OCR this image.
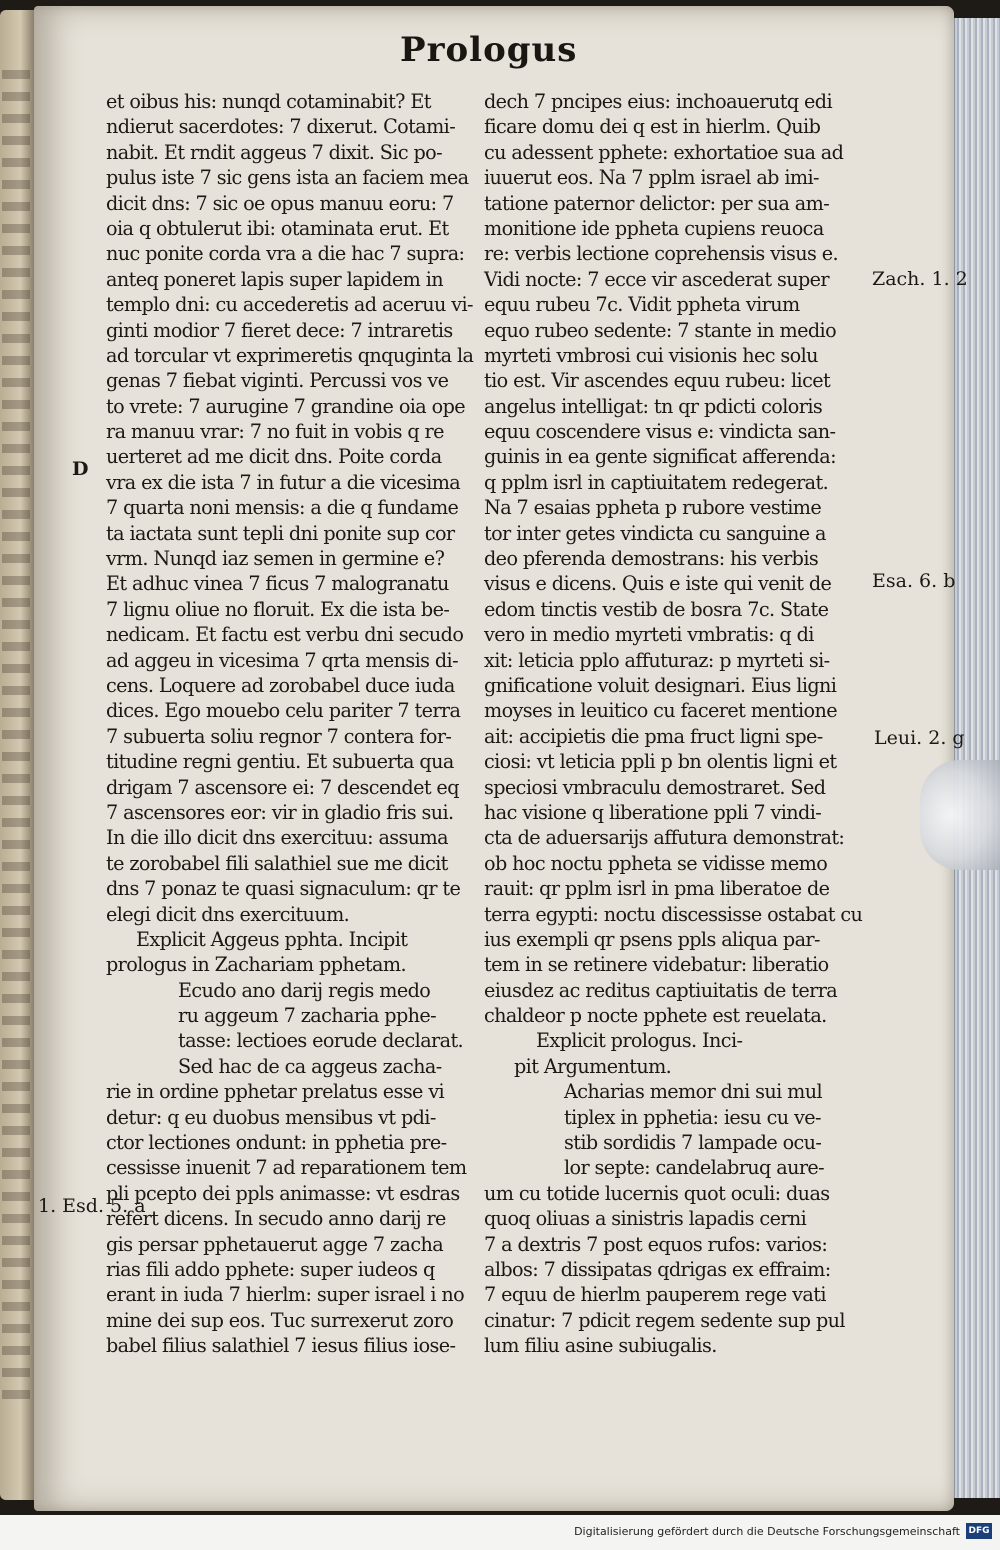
Prologus
et oibus his: nunqd cotaminabit? Et
ndierut sacerdotes: 7 dixerut. Cotami-
nabit. Et rndit aggeus 7 dixit. Sic po-
pulus iste 7 sic gens ista an faciem mea
dicit dns: 7 sic oe opus manuu eoru: 7
oia q obtulerut ibi: otaminata erut. Et
nuc ponite corda vra a die hac 7 supra:
anteq poneret lapis super lapidem in
templo dni: cu accederetis ad aceruu vi-
ginti modior 7 fieret dece: 7 intraretis
ad torcular vt exprimeretis qnquginta la
genas 7 fiebat viginti. Percussi vos ve
to vrete: 7 aurugine 7 grandine oia ope
ra manuu vrar: 7 no fuit in vobis q re
uerteret ad me dicit dns. Poite corda
vra ex die ista 7 in futur a die vicesima
7 quarta noni mensis: a die q fundame
ta iactata sunt tepli dni ponite sup cor
vrm. Nunqd iaz semen in germine e?
Et adhuc vinea 7 ficus 7 malogranatu
7 lignu oliue no floruit. Ex die ista be-
nedicam. Et factu est verbu dni secudo
ad aggeu in vicesima 7 qrta mensis di-
cens. Loquere ad zorobabel duce iuda
dices. Ego mouebo celu pariter 7 terra
7 subuerta soliu regnor 7 contera for-
titudine regni gentiu. Et subuerta qua
drigam 7 ascensore ei: 7 descendet eq
7 ascensores eor: vir in gladio fris sui.
In die illo dicit dns exercituu: assuma
te zorobabel fili salathiel sue me dicit
dns 7 ponaz te quasi signaculum: qr te
elegi dicit dns exercituum.
Explicit Aggeus pphta. Incipit
prologus in Zachariam pphetam.
Ecudo ano darij regis medo
ru aggeum 7 zacharia pphe-
tasse: lectioes eorude declarat.
Sed hac de ca aggeus zacha-
rie in ordine pphetar prelatus esse vi
detur: q eu duobus mensibus vt pdi-
ctor lectiones ondunt: in pphetia pre-
cessisse inuenit 7 ad reparationem tem
pli pcepto dei ppls animasse: vt esdras
refert dicens. In secudo anno darij re
gis persar pphetauerut agge 7 zacha
rias fili addo pphete: super iudeos q
erant in iuda 7 hierlm: super israel i no
mine dei sup eos. Tuc surrexerut zoro
babel filius salathiel 7 iesus filius iose-
dech 7 pncipes eius: inchoauerutq edi
ficare domu dei q est in hierlm. Quib
cu adessent pphete: exhortatioe sua ad
iuuerut eos. Na 7 pplm israel ab imi-
tatione paternor delictor: per sua am-
monitione ide ppheta cupiens reuoca
re: verbis lectione coprehensis visus e.
Vidi nocte: 7 ecce vir ascederat super
equu rubeu 7c. Vidit ppheta virum
equo rubeo sedente: 7 stante in medio
myrteti vmbrosi cui visionis hec solu
tio est. Vir ascendes equu rubeu: licet
angelus intelligat: tn qr pdicti coloris
equu coscendere visus e: vindicta san-
guinis in ea gente significat afferenda:
q pplm isrl in captiuitatem redegerat.
Na 7 esaias ppheta p rubore vestime
tor inter getes vindicta cu sanguine a
deo pferenda demostrans: his verbis
visus e dicens. Quis e iste qui venit de
edom tinctis vestib de bosra 7c. State
vero in medio myrteti vmbratis: q di
xit: leticia pplo affuturaz: p myrteti si-
gnificatione voluit designari. Eius ligni
moyses in leuitico cu faceret mentione
ait: accipietis die pma fruct ligni spe-
ciosi: vt leticia ppli p bn olentis ligni et
speciosi vmbraculu demostraret. Sed
hac visione q liberatione ppli 7 vindi-
cta de aduersarijs affutura demonstrat:
ob hoc noctu ppheta se vidisse memo
rauit: qr pplm isrl in pma liberatoe de
terra egypti: noctu discessisse ostabat cu
ius exempli qr psens ppls aliqua par-
tem in se retinere videbatur: liberatio
eiusdez ac reditus captiuitatis de terra
chaldeor p nocte pphete est reuelata.
Explicit prologus. Inci-
pit Argumentum.
Acharias memor dni sui mul
tiplex in pphetia: iesu cu ve-
stib sordidis 7 lampade ocu-
lor septe: candelabruq aure-
um cu totide lucernis quot oculi: duas
quoq oliuas a sinistris lapadis cerni
7 a dextris 7 post equos rufos: varios:
albos: 7 dissipatas qdrigas ex effraim:
7 equu de hierlm pauperem rege vati
cinatur: 7 pdicit regem sedente sup pul
lum filiu asine subiugalis.
Zach. 1. 2
Esa. 6. b
Leui. 2. g
1. Esd. 5. a
D
Digitalisierung gefördert durch die Deutsche Forschungsgemeinschaft DFG
